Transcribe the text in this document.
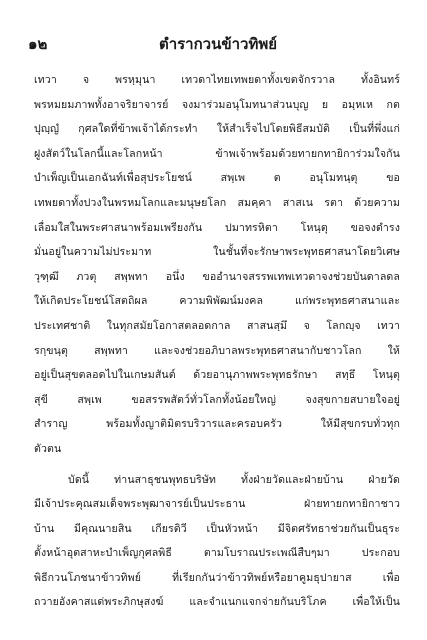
๑๒	ตำรากวนข้าวทิพย์
เทวา จ พรหฺมุนา เทวดาไทยเทพยดาทั้งเขตจักรวาล ทั้งอินทร์
พรหมยมภาพทั้งอาจริยาจารย์ จงมาร่วมอนุโมทนาส่วนบุญ ย อมฺหเห กต
ปุญฺญํ กุศลใดที่ข้าพเจ้าได้กระทำ ให้สำเร็จไปโดยพิธีสมบัติ เป็นที่พึ่งแก่
ฝูงสัตว์ในโลกนี้และโลกหน้า ข้าพเจ้าพร้อมด้วยทายกทายิการ่วมใจกัน
บำเพ็ญเป็นเอกฉันท์เพื่อสุประโยชน์ สพฺเพ ต อนุโมทนฺตุ ขอ
เทพยดาทั้งปวงในพรหมโลกและมนุษยโลก สมคฺคา สาสเน รตา ด้วยความ
เลื่อมใสในพระศาสนาพร้อมเพรียงกัน ปมาทรหิตา โหนฺตุ ขอจงดำรง
มั่นอยู่ในความไม่ประมาท ในชั้นที่จะรักษาพระพุทธศาสนาโดยวิเศษ
วุฑฺฒึ ภวตุ สพฺพทา อนึ่ง ขออำนาจสรรพเทพเทวดาจงช่วยบันดาลดล
ให้เกิดประโยชน์โสตถิผล ความพิพัฒน์มงคล แก่พระพุทธศาสนาและ
ประเทศชาติ ในทุกสมัยโอกาสตลอดกาล สาสนสฺมึ จ โลกญฺจ เทวา
รกฺขนฺตุ สพฺพทา และจงช่วยอภิบาลพระพุทธศาสนากับชาวโลก ให้
อยู่เป็นสุขตลอดไปในเกษมสันต์ ด้วยอานุภาพพระพุทธรักษา สทฺธึ โหนฺตุ
สุขี สพฺเพ ขอสรรพสัตว์ทั่วโลกทั้งน้อยใหญ่ จงสุขกายสบายใจอยู่
สำราญ พร้อมทั้งญาติมิตรบริวารและครอบครัว ให้มีสุขกรบทั่วทุก
ตัวตน
บัดนี้ ท่านสาธุชนพุทธบริษัท ทั้งฝ่ายวัดและฝ่ายบ้าน ฝ่ายวัด
มีเจ้าประคุณสมเด็จพระพุฒาจารย์เป็นประธาน ฝ่ายทายกทายิกาชาว
บ้าน มีคุณนายสิน เกียรติวี เป็นหัวหน้า มีจิตศรัทธาช่วยกันเป็นธุระ
ตั้งหน้าอุตสาหะบำเพ็ญกุศลพิธี ตามโบราณประเพณีสืบๆมา ประกอบ
พิธีกวนโภชนาข้าวทิพย์ ที่เรียกกันว่าข้าวทิพย์หรือยาคูมธุปายาส เพื่อ
ถวายอังคาสแด่พระภิกษุสงฆ์ และจำแนกแจกจ่ายกันบริโภค เพื่อให้เป็น
